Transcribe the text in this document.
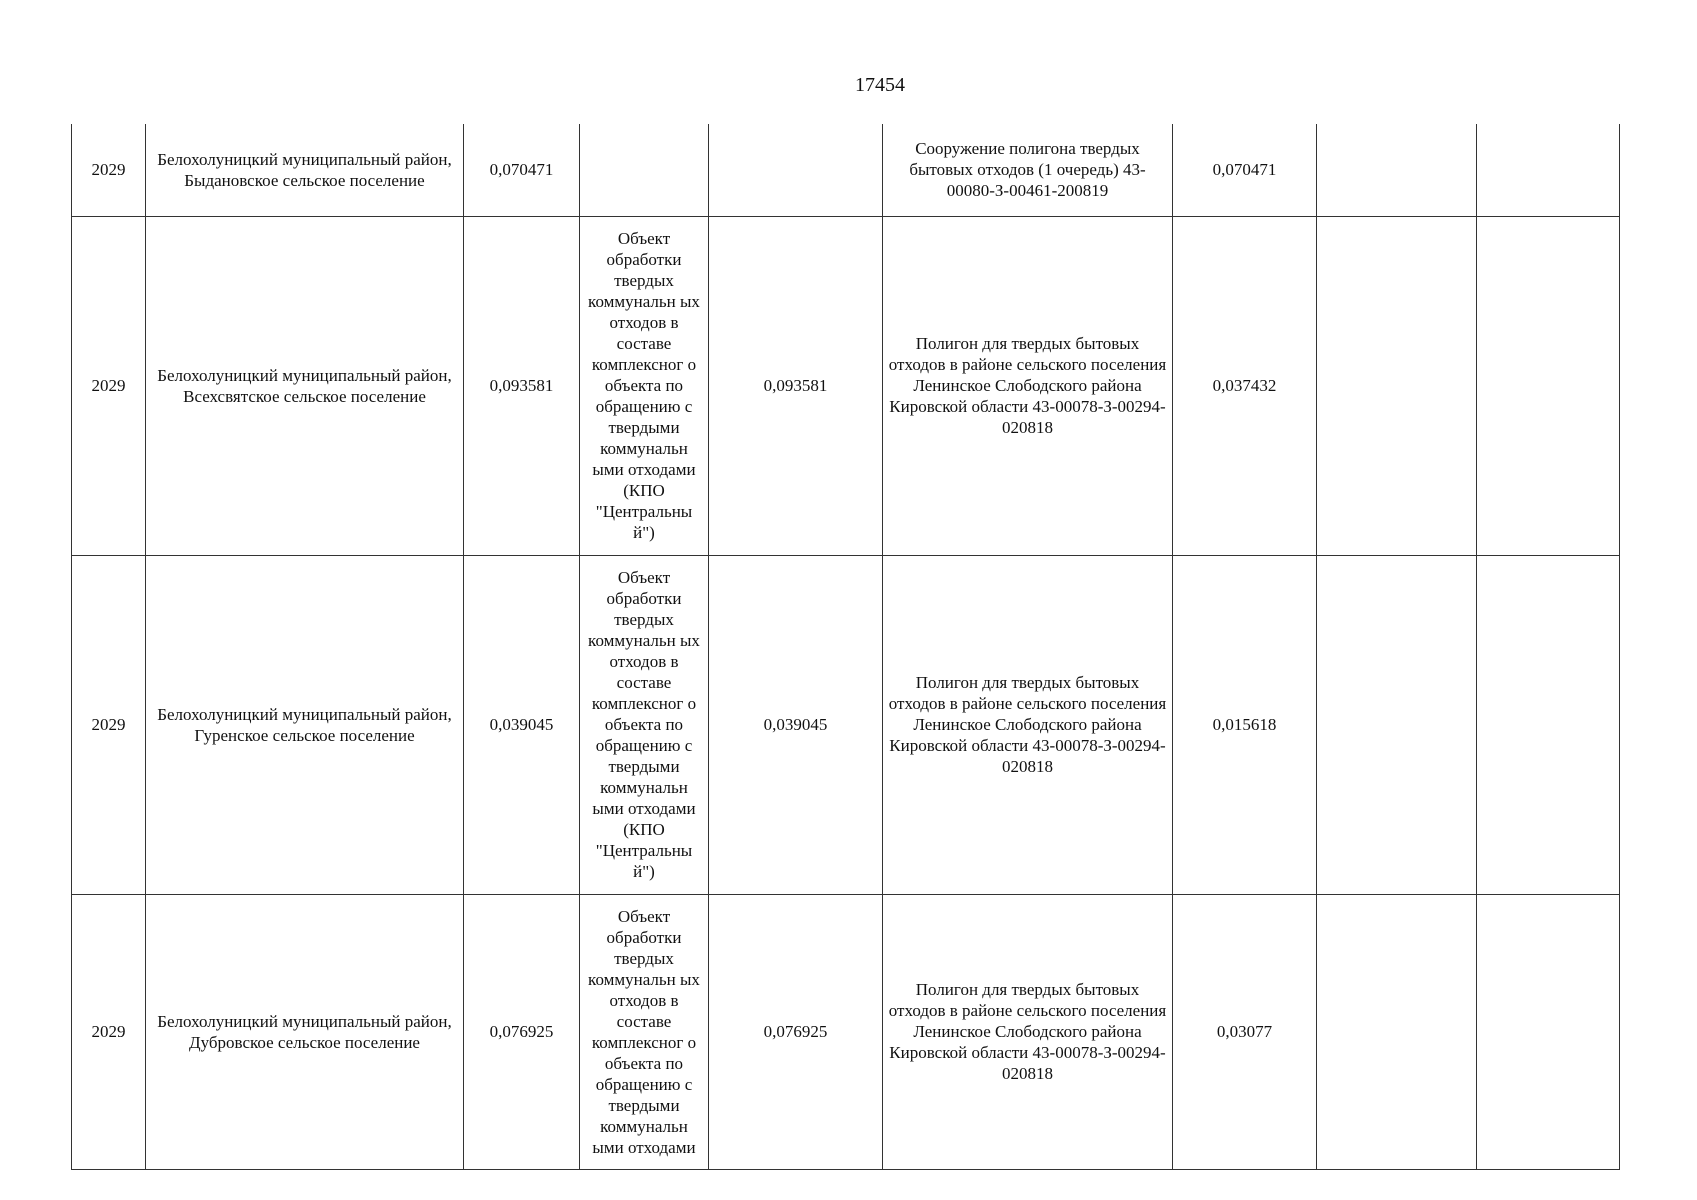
17454
2029	Белохолуницкий муниципальный район, Быдановское сельское поселение	0,070471			Сооружение полигона твердых бытовых отходов (1 очередь) 43-00080-З-00461-200819	0,070471		
2029	Белохолуницкий муниципальный район, Всехсвятское сельское поселение	0,093581	Объект обработки твердых коммунальн ых отходов в составе комплексног о объекта по обращению с твердыми коммунальн ыми отходами (КПО "Центральны й")	0,093581	Полигон для твердых бытовых отходов в районе сельского поселения Ленинское Слободского района Кировской области 43-00078-З-00294-020818	0,037432		
2029	Белохолуницкий муниципальный район, Гуренское сельское поселение	0,039045	Объект обработки твердых коммунальн ых отходов в составе комплексног о объекта по обращению с твердыми коммунальн ыми отходами (КПО "Центральны й")	0,039045	Полигон для твердых бытовых отходов в районе сельского поселения Ленинское Слободского района Кировской области 43-00078-З-00294-020818	0,015618		
2029	Белохолуницкий муниципальный район, Дубровское сельское поселение	0,076925	Объект обработки твердых коммунальн ых отходов в составе комплексног о объекта по обращению с твердыми коммунальн ыми отходами	0,076925	Полигон для твердых бытовых отходов в районе сельского поселения Ленинское Слободского района Кировской области 43-00078-З-00294-020818	0,03077		
